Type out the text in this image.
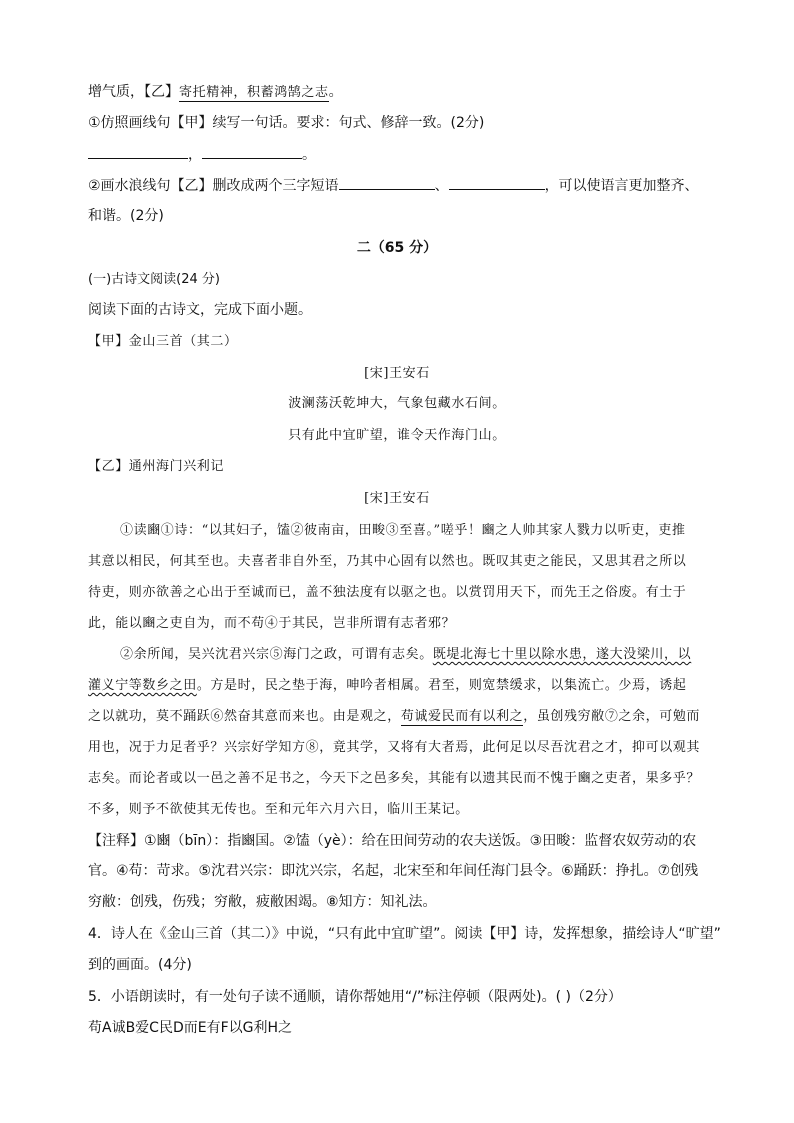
增气质，【乙】寄托精神，积蓄鸿鹄之志。
①仿照画线句【甲】续写一句话。要求：句式、修辞一致。(2分)
，	。
②画水浪线句【乙】删改成两个三字短语	、	，可以使语言更加整齐、
和谐。(2分)
二（65 分）
(一)古诗文阅读(24 分)
阅读下面的古诗文，完成下面小题。
【甲】金山三首（其二）
[宋]王安石
波澜荡沃乾坤大，气象包藏水石间。
只有此中宜旷望，谁令天作海门山。
【乙】通州海门兴利记
[宋]王安石
①读豳①诗：“以其妇子，馌②彼南亩，田畯③至喜。”嗟乎！豳之人帅其家人戮力以听吏，吏推
其意以相民，何其至也。夫喜者非自外至，乃其中心固有以然也。既叹其吏之能民，又思其君之所以
待吏，则亦欲善之心出于至诚而已，盖不独法度有以驱之也。以赏罚用天下，而先王之俗废。有士于
此，能以豳之吏自为，而不苟④于其民，岂非所谓有志者邪？
②余所闻，吴兴沈君兴宗⑤海门之政，可谓有志矣。既堤北海七十里以除水患，遂大没梁川，以
灌义宁等数乡之田。方是时，民之垫于海，呻吟者相属。君至，则宽禁缓求，以集流亡。少焉，诱起
之以就功，莫不踊跃⑥然奋其意而来也。由是观之，苟诚爱民而有以利之，虽创残穷敝⑦之余，可勉而
用也，况于力足者乎？兴宗好学知方⑧，竟其学，又将有大者焉，此何足以尽吾沈君之才，抑可以观其
志矣。而论者或以一邑之善不足书之，今天下之邑多矣，其能有以遗其民而不愧于豳之吏者，果多乎？
不多，则予不欲使其无传也。至和元年六月六日，临川王某记。
【注释】①豳（bīn）：指豳国。②馌（yè）：给在田间劳动的农夫送饭。③田畯：监督农奴劳动的农
官。④苟：苛求。⑤沈君兴宗：即沈兴宗，名起，北宋至和年间任海门县令。⑥踊跃：挣扎。⑦创残
穷敝：创残，伤残；穷敝，疲敝困竭。⑧知方：知礼法。
4．诗人在《金山三首（其二）》中说，“只有此中宜旷望”。阅读【甲】诗，发挥想象，描绘诗人“旷望”
到的画面。(4分)
5．小语朗读时，有一处句子读不通顺，请你帮她用“/”标注停顿（限两处)。( )（2分）
苟A诚B爱C民D而E有F以G利H之
